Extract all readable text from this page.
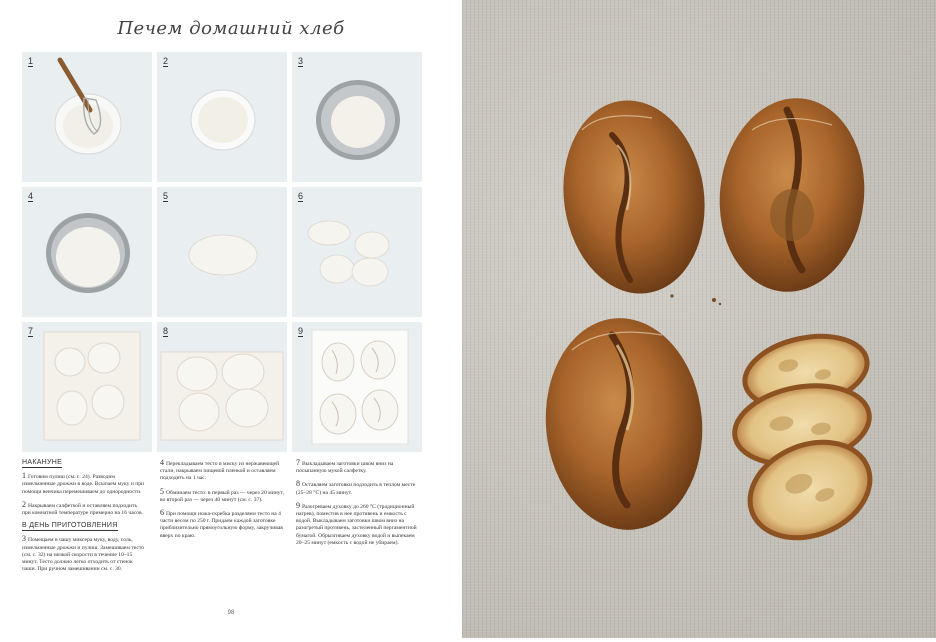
Печем домашний хлеб
1	2	3
4	5	6
7	8	9
НАКАНУНЕ

1 Готовим пулиш (см. с. 24). Разводим измельченные дрожжи в воде. Всыпаем муку и при помощи венчика перемешиваем до однородности.

2 Накрываем салфеткой и оставляем подходить при комнатной температуре примерно на 16 часов.

В ДЕНЬ ПРИГОТОВЛЕНИЯ

3 Помещаем в чашу миксера муку, воду, соль, измельченные дрожжи и пулиш. Замешиваем тесто (см. с. 32) на низкой скорости в течение 10–15 минут. Тесто должно легко отходить от стенок чаши. При ручном замешивании см. с. 30.

4 Перекладываем тесто в миску из нержавеющей стали, накрываем пищевой пленкой и оставляем подходить на 1 час.

5 Обминаем тесто: в первый раз — через 20 минут, во второй раз — через 40 минут (см. с. 37).

6 При помощи ножа-скребка разделяем тесто на 4 части весом по 250 г. Придаем каждой заготовке приблизительно прямоугольную форму, закручивая вверх по краю.

7 Выкладываем заготовки швом вниз на посыпанную мукой салфетку.

8 Оставляем заготовки подходить в теплом месте (25–28 °С) на 45 минут.

9 Разогреваем духовку до 260 °С (традиционный нагрев), поместив в нее противень и емкость с водой. Выкладываем заготовки швом вниз на разогретый противень, застеленный пергаментной бумагой. Обрызгиваем духовку водой и выпекаем 20–25 минут (емкость с водой не убираем).

98
